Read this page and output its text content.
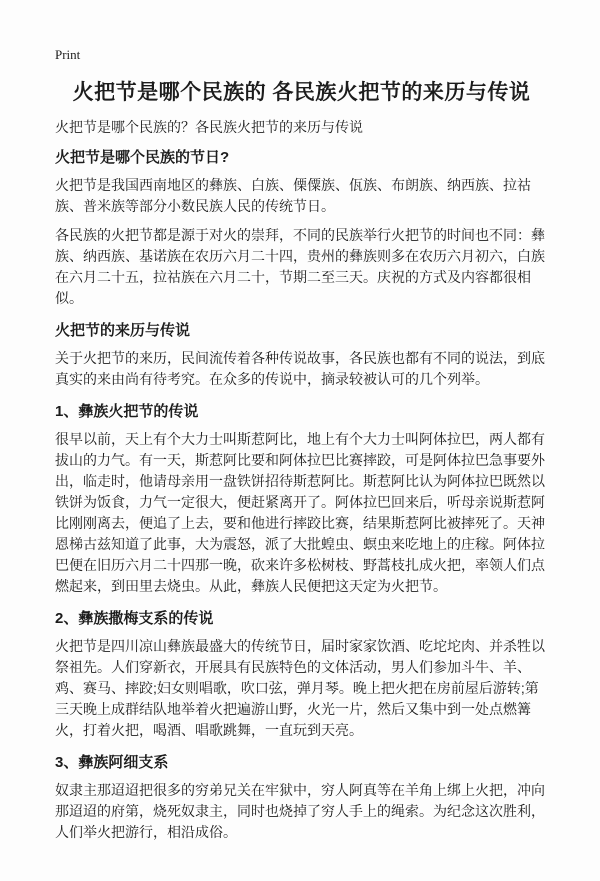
Print
火把节是哪个民族的 各民族火把节的来历与传说

火把节是哪个民族的？各民族火把节的来历与传说

火把节是哪个民族的节日?

火把节是我国西南地区的彝族、白族、傈僳族、佤族、布朗族、纳西族、拉祜族、普米族等部分小数民族人民的传统节日。

各民族的火把节都是源于对火的崇拜，不同的民族举行火把节的时间也不同：彝族、纳西族、基诺族在农历六月二十四，贵州的彝族则多在农历六月初六，白族在六月二十五，拉祜族在六月二十，节期二至三天。庆祝的方式及内容都很相似。

火把节的来历与传说

关于火把节的来历，民间流传着各种传说故事，各民族也都有不同的说法，到底真实的来由尚有待考究。在众多的传说中，摘录较被认可的几个列举。

1、彝族火把节的传说

很早以前，天上有个大力士叫斯惹阿比，地上有个大力士叫阿体拉巴，两人都有拔山的力气。有一天，斯惹阿比要和阿体拉巴比赛摔跤，可是阿体拉巴急事要外出，临走时，他请母亲用一盘铁饼招待斯惹阿比。斯惹阿比认为阿体拉巴既然以铁饼为饭食，力气一定很大，便赶紧离开了。阿体拉巴回来后，听母亲说斯惹阿比刚刚离去，便追了上去，要和他进行摔跤比赛，结果斯惹阿比被摔死了。天神恩梯古兹知道了此事，大为震怒，派了大批蝗虫、螟虫来吃地上的庄稼。阿体拉巴便在旧历六月二十四那一晚，砍来许多松树枝、野蒿枝扎成火把，率领人们点燃起来，到田里去烧虫。从此，彝族人民便把这天定为火把节。

2、彝族撒梅支系的传说

火把节是四川凉山彝族最盛大的传统节日，届时家家饮酒、吃坨坨肉、并杀牲以祭祖先。人们穿新衣，开展具有民族特色的文体活动，男人们参加斗牛、羊、鸡、赛马、摔跤;妇女则唱歌，吹口弦，弹月琴。晚上把火把在房前屋后游转;第三天晚上成群结队地举着火把遍游山野，火光一片，然后又集中到一处点燃篝火，打着火把，喝酒、唱歌跳舞，一直玩到天亮。

3、彝族阿细支系

奴隶主那迢迢把很多的穷弟兄关在牢狱中，穷人阿真等在羊角上绑上火把，冲向那迢迢的府第，烧死奴隶主，同时也烧掉了穷人手上的绳索。为纪念这次胜利，人们举火把游行，相沿成俗。
